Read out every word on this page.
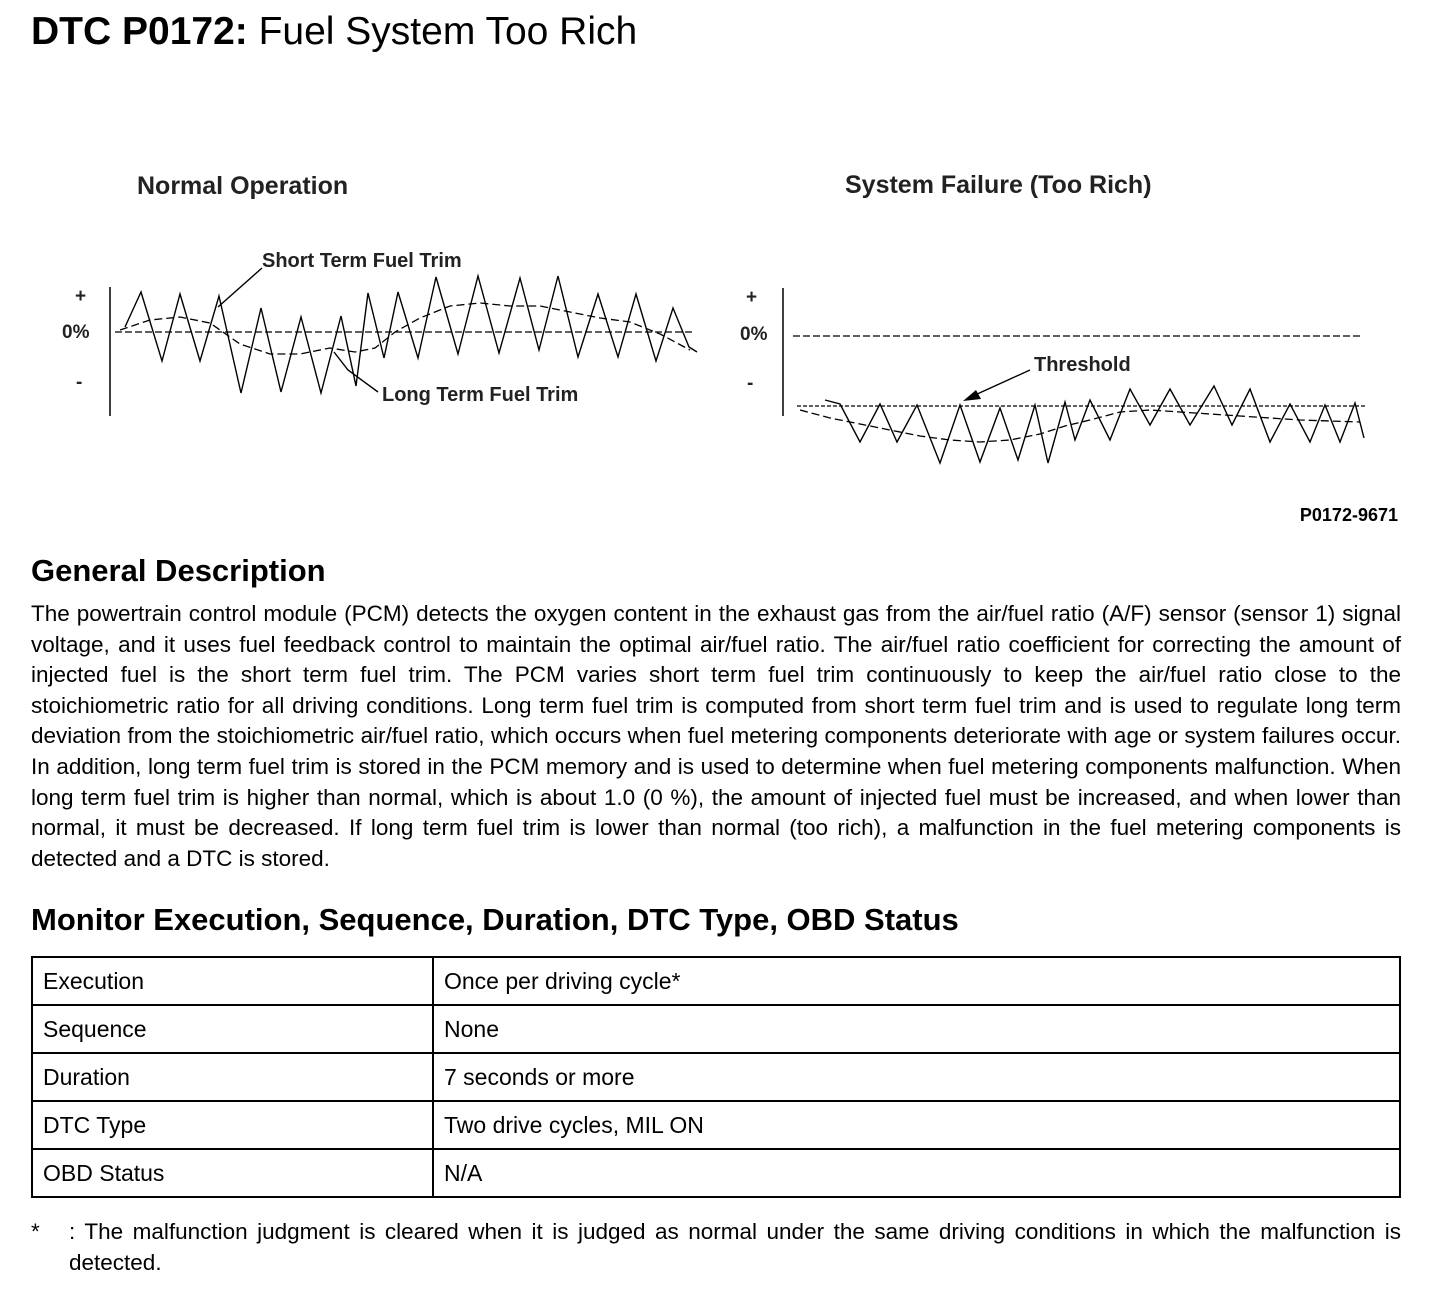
DTC P0172: Fuel System Too Rich
Normal Operation	System Failure (Too Rich)
+
0%
-
Short Term Fuel Trim
Long Term Fuel Trim
+
0%
-
Threshold
P0172-9671
General Description

The powertrain control module (PCM) detects the oxygen content in the exhaust gas from the air/fuel ratio (A/F) sensor (sensor 1) signal voltage, and it uses fuel feedback control to maintain the optimal air/fuel ratio. The air/fuel ratio coefficient for correcting the amount of injected fuel is the short term fuel trim. The PCM varies short term fuel trim continuously to keep the air/fuel ratio close to the stoichiometric ratio for all driving conditions. Long term fuel trim is computed from short term fuel trim and is used to regulate long term deviation from the stoichiometric air/fuel ratio, which occurs when fuel metering components deteriorate with age or system failures occur. In addition, long term fuel trim is stored in the PCM memory and is used to determine when fuel metering components malfunction. When long term fuel trim is higher than normal, which is about 1.0 (0 %), the amount of injected fuel must be increased, and when lower than normal, it must be decreased. If long term fuel trim is lower than normal (too rich), a malfunction in the fuel metering components is detected and a DTC is stored.

Monitor Execution, Sequence, Duration, DTC Type, OBD Status
Execution	Once per driving cycle*
Sequence	None
Duration	7 seconds or more
DTC Type	Two drive cycles, MIL ON
OBD Status	N/A
* : The malfunction judgment is cleared when it is judged as normal under the same driving conditions in which the malfunction is detected.
